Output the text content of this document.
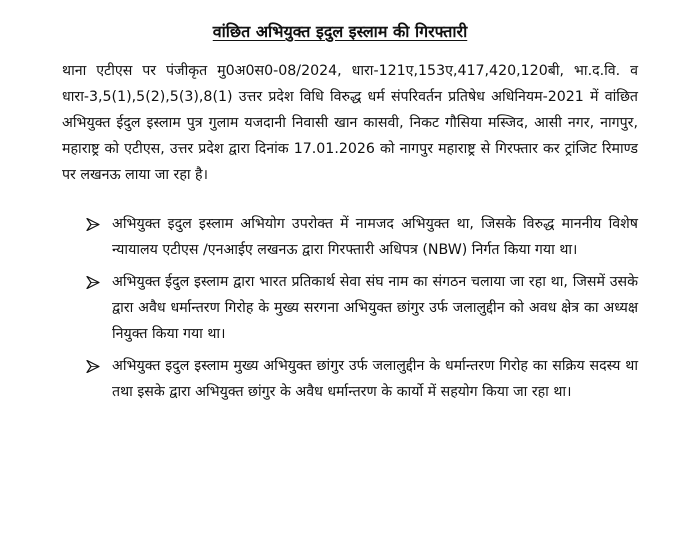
वांछित अभियुक्त इदुल इस्लाम की गिरफ्तारी

थाना एटीएस पर पंजीकृत मु0अ0स0-08/2024, धारा-121ए,153ए,417,420,120बी, भा.द.वि. व धारा-3,5(1),5(2),5(3),8(1) उत्तर प्रदेश विधि विरुद्ध धर्म संपरिवर्तन प्रतिषेध अधिनियम-2021 में वांछित अभियुक्त ईदुल इस्लाम पुत्र गुलाम यजदानी निवासी खान कासवी, निकट गौसिया मस्जिद, आसी नगर, नागपुर, महाराष्ट्र को एटीएस, उत्तर प्रदेश द्वारा दिनांक 17.01.2026 को नागपुर महाराष्ट्र से गिरफ्तार कर ट्रांजिट रिमाण्ड पर लखनऊ लाया जा रहा है।

अभियुक्त इदुल इस्लाम अभियोग उपरोक्त में नामजद अभियुक्त था, जिसके विरुद्ध माननीय विशेष न्यायालय एटीएस /एनआईए लखनऊ द्वारा गिरफ्तारी अधिपत्र (NBW) निर्गत किया गया था।
अभियुक्त ईदुल इस्लाम द्वारा भारत प्रतिकार्थ सेवा संघ नाम का संगठन चलाया जा रहा था, जिसमें उसके द्वारा अवैध धर्मान्तरण गिरोह के मुख्य सरगना अभियुक्त छांगुर उर्फ जलालुद्दीन को अवध क्षेत्र का अध्यक्ष नियुक्त किया गया था।
अभियुक्त इदुल इस्लाम मुख्य अभियुक्त छांगुर उर्फ जलालुद्दीन के धर्मान्तरण गिरोह का सक्रिय सदस्य था तथा इसके द्वारा अभियुक्त छांगुर के अवैध धर्मान्तरण के कार्यो में सहयोग किया जा रहा था।
